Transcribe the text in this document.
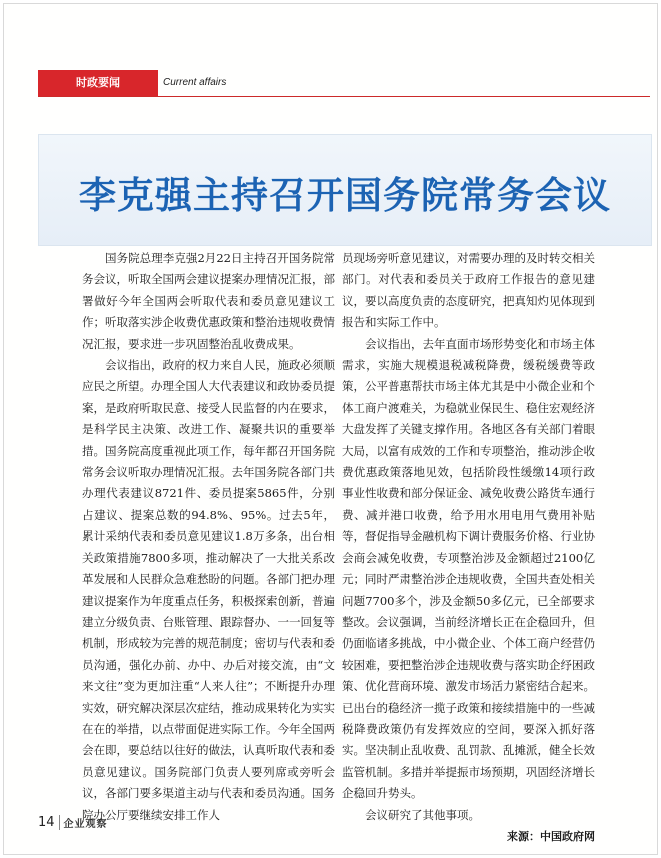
时政要闻	Current affairs
李克强主持召开国务院常务会议

国务院总理李克强2月22日主持召开国务院常务会议，听取全国两会建议提案办理情况汇报，部署做好今年全国两会听取代表和委员意见建议工作；听取落实涉企收费优惠政策和整治违规收费情况汇报，要求进一步巩固整治乱收费成果。

会议指出，政府的权力来自人民，施政必须顺应民之所望。办理全国人大代表建议和政协委员提案，是政府听取民意、接受人民监督的内在要求，是科学民主决策、改进工作、凝聚共识的重要举措。国务院高度重视此项工作，每年都召开国务院常务会议听取办理情况汇报。去年国务院各部门共办理代表建议8721件、委员提案5865件，分别占建议、提案总数的94.8%、95%。过去5年，累计采纳代表和委员意见建议1.8万多条，出台相关政策措施7800多项，推动解决了一大批关系改革发展和人民群众急难愁盼的问题。各部门把办理建议提案作为年度重点任务，积极探索创新，普遍建立分级负责、台账管理、跟踪督办、一一回复等机制，形成较为完善的规范制度；密切与代表和委员沟通，强化办前、办中、办后对接交流，由“文来文往”变为更加注重“人来人往”；不断提升办理实效，研究解决深层次症结，推动成果转化为实实在在的举措，以点带面促进实际工作。今年全国两会在即，要总结以往好的做法，认真听取代表和委员意见建议。国务院部门负责人要列席或旁听会议，各部门要多渠道主动与代表和委员沟通。国务院办公厅要继续安排工作人

员现场旁听意见建议，对需要办理的及时转交相关部门。对代表和委员关于政府工作报告的意见建议，要以高度负责的态度研究，把真知灼见体现到报告和实际工作中。

会议指出，去年直面市场形势变化和市场主体需求，实施大规模退税减税降费，缓税缓费等政策，公平普惠帮扶市场主体尤其是中小微企业和个体工商户渡难关，为稳就业保民生、稳住宏观经济大盘发挥了关键支撑作用。各地区各有关部门着眼大局，以富有成效的工作和专项整治，推动涉企收费优惠政策落地见效，包括阶段性缓缴14项行政事业性收费和部分保证金、减免收费公路货车通行费、减并港口收费，给予用水用电用气费用补贴等，督促指导金融机构下调计费服务价格、行业协会商会减免收费，专项整治涉及金额超过2100亿元；同时严肃整治涉企违规收费，全国共查处相关问题7700多个，涉及金额50多亿元，已全部要求整改。会议强调，当前经济增长正在企稳回升，但仍面临诸多挑战，中小微企业、个体工商户经营仍较困难，要把整治涉企违规收费与落实助企纾困政策、优化营商环境、激发市场活力紧密结合起来。已出台的稳经济一揽子政策和接续措施中的一些减税降费政策仍有发挥效应的空间，要深入抓好落实。坚决制止乱收费、乱罚款、乱摊派，健全长效监管机制。多措并举提振市场预期，巩固经济增长企稳回升势头。

会议研究了其他事项。

来源：中国政府网

14 企业观察
